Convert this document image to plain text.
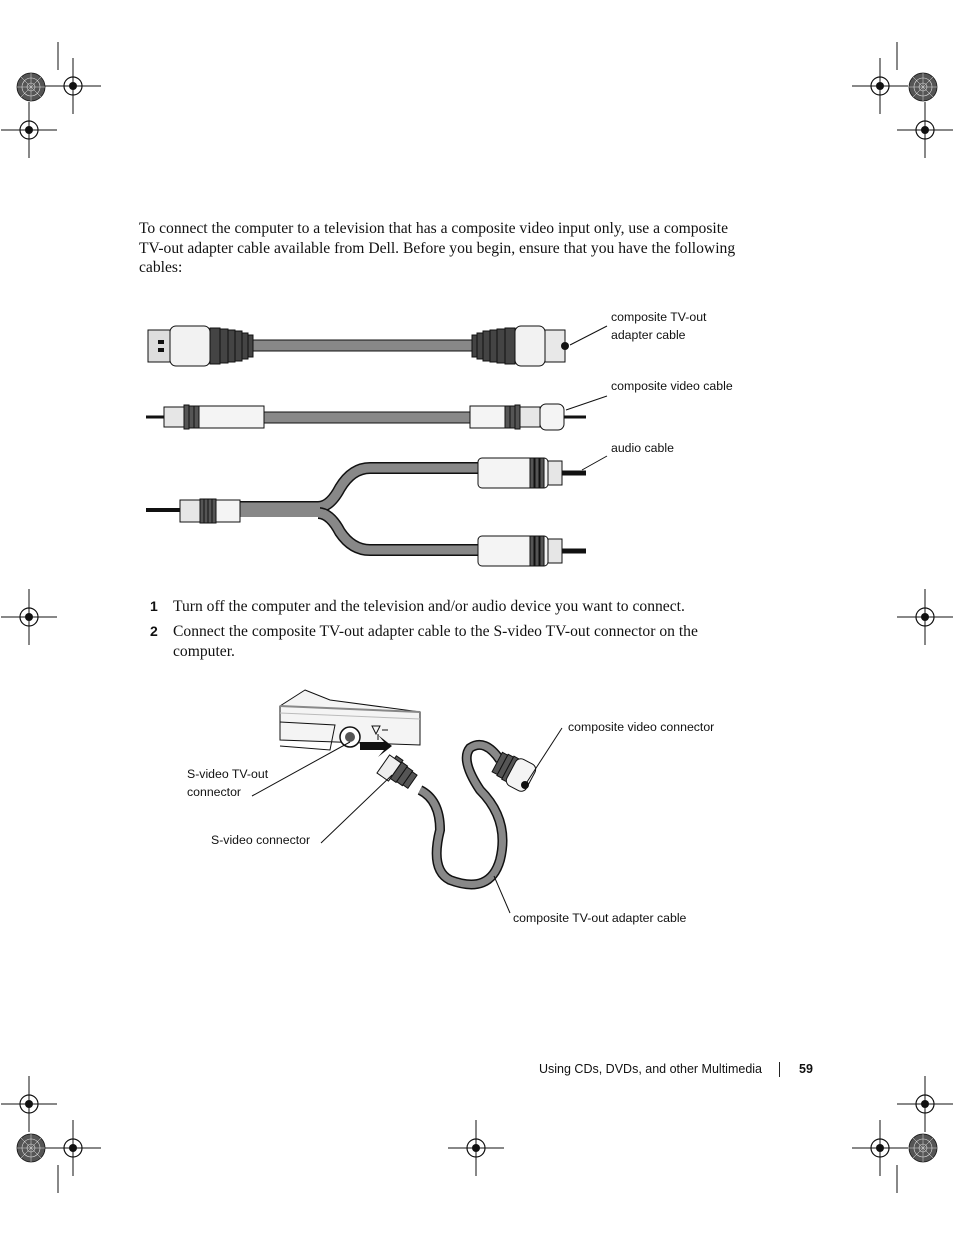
To connect the computer to a television that has a composite video input only, use a composite
TV-out adapter cable available from Dell. Before you begin, ensure that you have the following
cables:

composite TV-out
adapter cable
composite video cable
audio cable
1 Turn off the computer and the television and/or audio device you want to connect.
2 Connect the composite TV-out adapter cable to the S-video TV-out connector on the
computer.
composite video connector
S-video TV-out
connector
S-video connector
composite TV-out adapter cable
Using CDs, DVDs, and other Multimedia	59
